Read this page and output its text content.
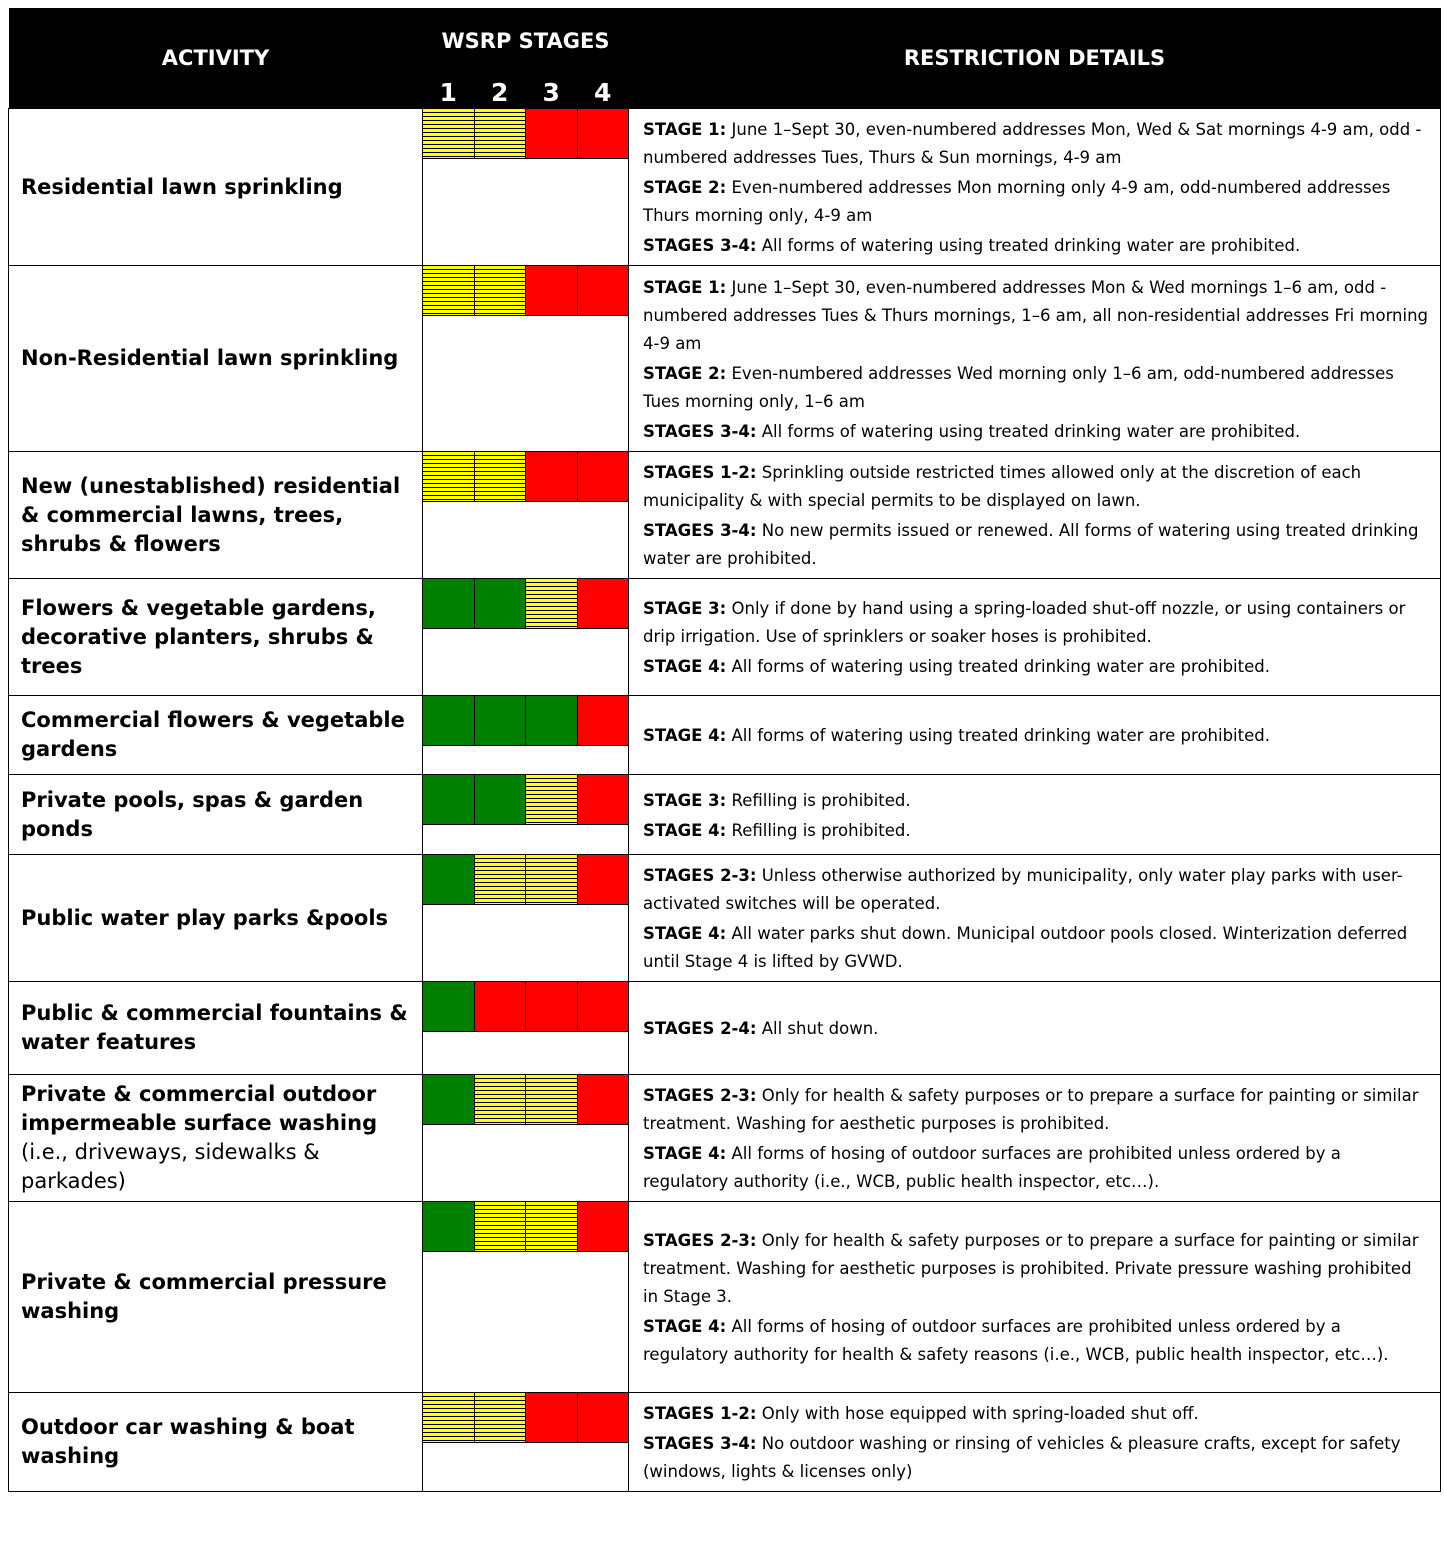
ACTIVITY	WSRP STAGES	RESTRICTION DETAILS

	1 2 3 4	

Residential lawn sprinkling		STAGE 1: June 1–Sept 30, even-numbered addresses Mon, Wed & Sat mornings 4-9 am, odd -numbered addresses Tues, Thurs & Sun mornings, 4-9 am
STAGE 2: Even-numbered addresses Mon morning only 4-9 am, odd-numbered addresses Thurs morning only, 4-9 am
STAGES 3-4: All forms of watering using treated drinking water are prohibited.

Non-Residential lawn sprinkling		STAGE 1: June 1–Sept 30, even-numbered addresses Mon & Wed mornings 1–6 am, odd -numbered addresses Tues & Thurs mornings, 1–6 am, all non-residential addresses Fri morning 4-9 am
STAGE 2: Even-numbered addresses Wed morning only 1–6 am, odd-numbered addresses Tues morning only, 1–6 am
STAGES 3-4: All forms of watering using treated drinking water are prohibited.

New (unestablished) residential & commercial lawns, trees, shrubs & flowers		STAGES 1-2: Sprinkling outside restricted times allowed only at the discretion of each municipality & with special permits to be displayed on lawn.
STAGES 3-4: No new permits issued or renewed. All forms of watering using treated drinking water are prohibited.

Flowers & vegetable gardens, decorative planters, shrubs & trees		STAGE 3: Only if done by hand using a spring-loaded shut-off nozzle, or using containers or drip irrigation. Use of sprinklers or soaker hoses is prohibited.
STAGE 4: All forms of watering using treated drinking water are prohibited.

Commercial flowers & vegetable gardens		STAGE 4: All forms of watering using treated drinking water are prohibited.

Private pools, spas & garden ponds		STAGE 3: Refilling is prohibited.
STAGE 4: Refilling is prohibited.

Public water play parks &pools		STAGES 2-3: Unless otherwise authorized by municipality, only water play parks with user-activated switches will be operated.
STAGE 4: All water parks shut down. Municipal outdoor pools closed. Winterization deferred until Stage 4 is lifted by GVWD.

Public & commercial fountains & water features		STAGES 2-4: All shut down.

Private & commercial outdoor impermeable surface washing (i.e., driveways, sidewalks & parkades)		STAGES 2-3: Only for health & safety purposes or to prepare a surface for painting or similar treatment. Washing for aesthetic purposes is prohibited.
STAGE 4: All forms of hosing of outdoor surfaces are prohibited unless ordered by a regulatory authority (i.e., WCB, public health inspector, etc…).

Private & commercial pressure washing		STAGES 2-3: Only for health & safety purposes or to prepare a surface for painting or similar treatment. Washing for aesthetic purposes is prohibited. Private pressure washing prohibited in Stage 3.
STAGE 4: All forms of hosing of outdoor surfaces are prohibited unless ordered by a regulatory authority for health & safety reasons (i.e., WCB, public health inspector, etc…).

Outdoor car washing & boat washing		STAGES 1-2: Only with hose equipped with spring-loaded shut off.
STAGES 3-4: No outdoor washing or rinsing of vehicles & pleasure crafts, except for safety (windows, lights & licenses only)
